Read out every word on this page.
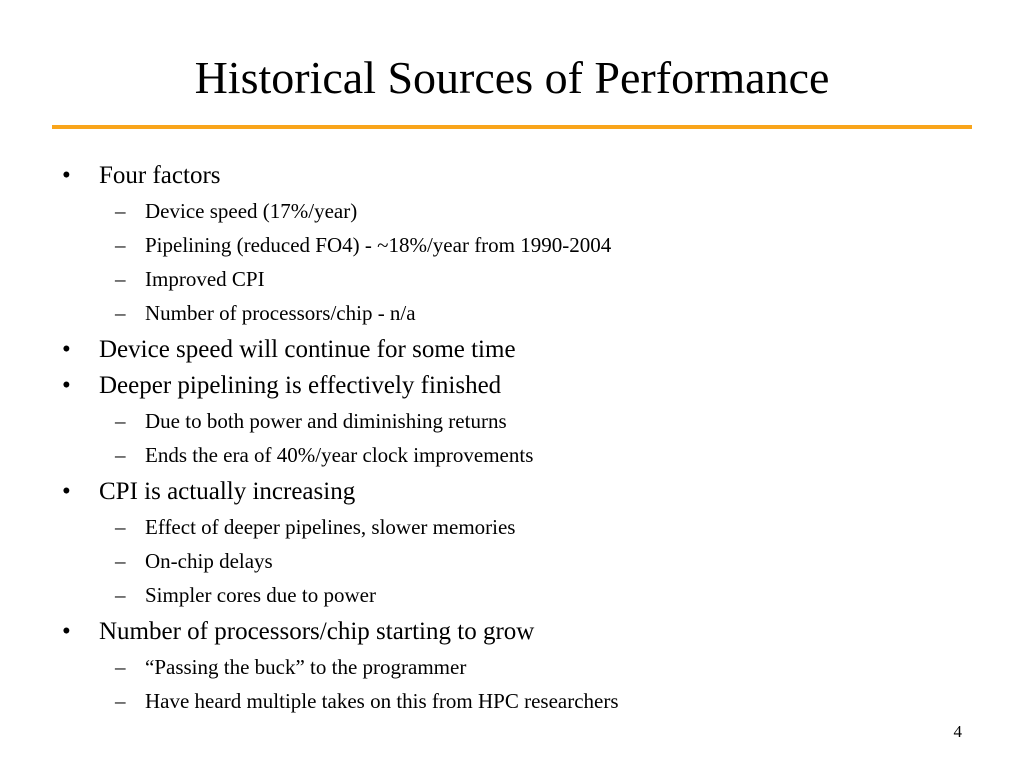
Historical Sources of Performance
• Four factors
– Device speed (17%/year)
– Pipelining (reduced FO4) - ~18%/year from 1990-2004
– Improved CPI
– Number of processors/chip - n/a
• Device speed will continue for some time
• Deeper pipelining is effectively finished
– Due to both power and diminishing returns
– Ends the era of 40%/year clock improvements
• CPI is actually increasing
– Effect of deeper pipelines, slower memories
– On-chip delays
– Simpler cores due to power
• Number of processors/chip starting to grow
– “Passing the buck” to the programmer
– Have heard multiple takes on this from HPC researchers
4
